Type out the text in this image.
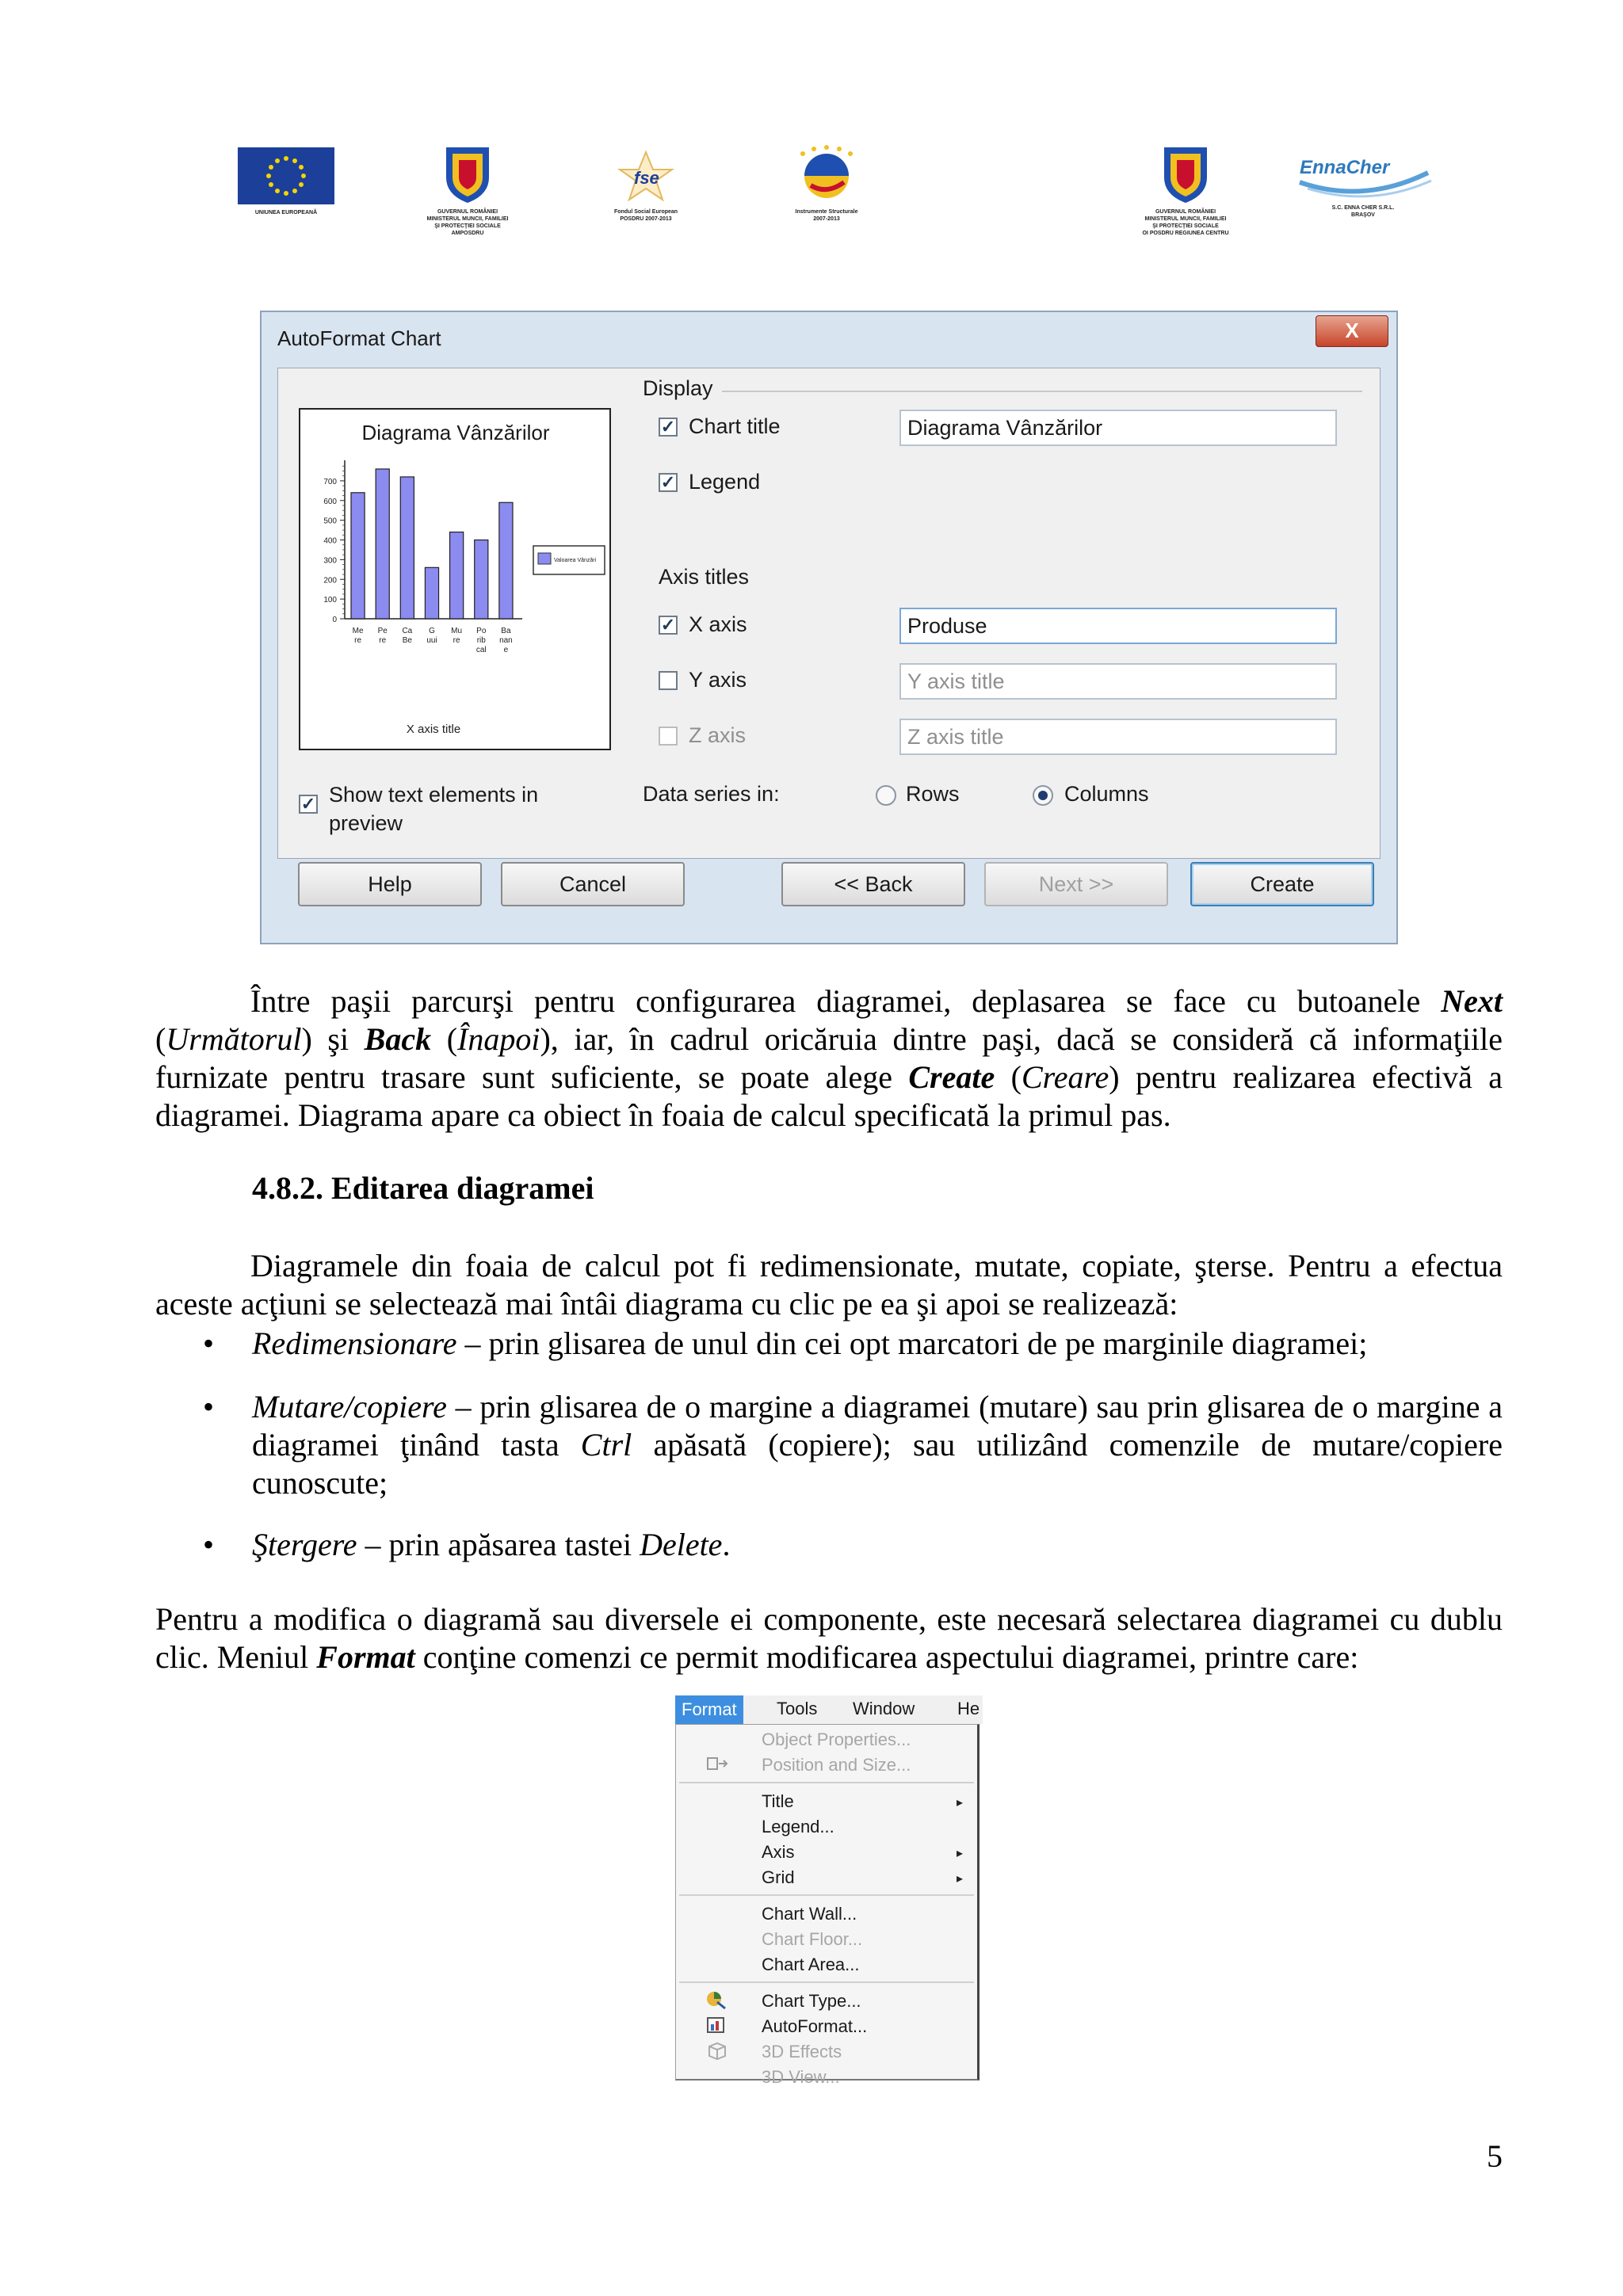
UNIUNEA EUROPEANĂ	GUVERNUL ROMÂNIEI
MINISTERUL MUNCII, FAMILIEI
ŞI PROTECŢIEI SOCIALE
AMPOSDRU
fse
Fondul Social European
POSDRU 2007-2013
Instrumente Structurale
2007-2013
GUVERNUL ROMÂNIEI
MINISTERUL MUNCII, FAMILIEI
ŞI PROTECŢIEI SOCIALE
OI POSDRU REGIUNEA CENTRU
EnnaCher
S.C. ENNA CHER S.R.L.
BRAŞOV
AutoFormat Chart	X
Diagrama Vânzărilor
0
100
200
300
400
500
600
700
Me
re
Pe
re
Ca
Be
G
uui
Mu
re
Po
rib
cal
Ba
nan
e
Valoarea Vânzări
X axis title
✓ Show text elements in preview
Display
✓ Chart title	Diagrama Vânzărilor
✓ Legend
Axis titles
✓ X axis	Produse
Y axis	Y axis title
Z axis	Z axis title
Data series in:	Rows	Columns
Help	Cancel	<< Back	Next >>	Create
Între paşii parcurşi pentru configurarea diagramei, deplasarea se face cu butoanele Next (Următorul) şi Back (Înapoi), iar, în cadrul oricăruia dintre paşi, dacă se consideră că informaţiile furnizate pentru trasare sunt suficiente, se poate alege Create (Creare) pentru realizarea efectivă a diagramei. Diagrama apare ca obiect în foaia de calcul specificată la primul pas.
4.8.2. Editarea diagramei
Diagramele din foaia de calcul pot fi redimensionate, mutate, copiate, şterse. Pentru a efectua aceste acţiuni se selectează mai întâi diagrama cu clic pe ea şi apoi se realizează:
• Redimensionare – prin glisarea de unul din cei opt marcatori de pe marginile diagramei;
• Mutare/copiere – prin glisarea de o margine a diagramei (mutare) sau prin glisarea de o margine a diagramei ţinând tasta Ctrl apăsată (copiere); sau utilizând comenzile de mutare/copiere cunoscute;
• Ştergere – prin apăsarea tastei Delete.
Pentru a modifica o diagramă sau diversele ei componente, este necesară selectarea diagramei cu dublu clic. Meniul Format conţine comenzi ce permit modificarea aspectului diagramei, printre care:
Format	Tools Window He
Object Properties...
Position and Size...
Title	▸
Legend...
Axis	▸
Grid	▸
Chart Wall...
Chart Floor...
Chart Area...
Chart Type...
AutoFormat...
3D Effects
3D View...
5
